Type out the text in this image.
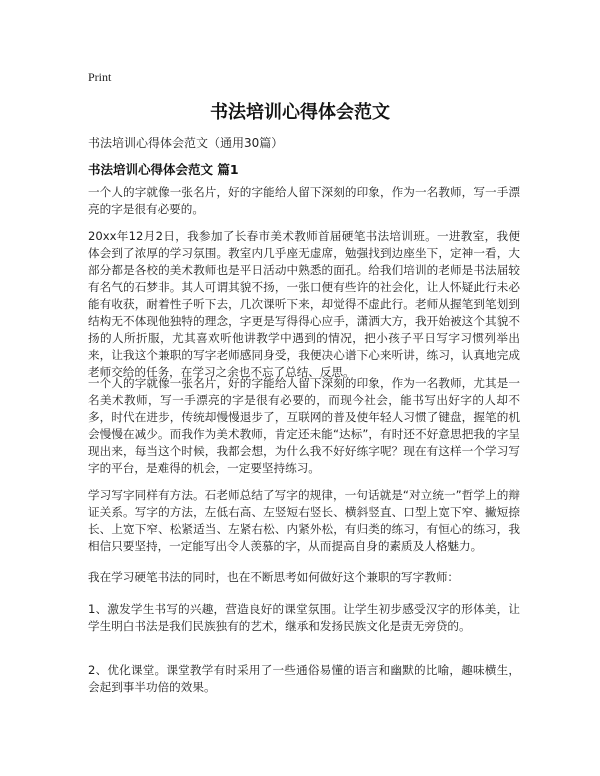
Print
书法培训心得体会范文

书法培训心得体会范文（通用30篇）

书法培训心得体会范文 篇1

一个人的字就像一张名片，好的字能给人留下深刻的印象，作为一名教师，写一手漂亮的字是很有必要的。

20xx年12月2日，我参加了长春市美术教师首届硬笔书法培训班。一进教室，我便体会到了浓厚的学习氛围。教室内几乎座无虚席，勉强找到边座坐下，定神一看，大部分都是各校的美术教师也是平日活动中熟悉的面孔。给我们培训的老师是书法届较有名气的石梦非。其人可谓其貌不扬，一张口便有些许的社会化，让人怀疑此行未必能有收获，耐着性子听下去，几次课听下来，却觉得不虚此行。老师从握笔到笔划到结构无不体现他独特的理念，字更是写得得心应手，潇洒大方，我开始被这个其貌不扬的人所折服，尤其喜欢听他讲教学中遇到的情况，把小孩子平日写字习惯列举出来，让我这个兼职的写字老师感同身受，我便决心谱下心来听讲，练习，认真地完成老师交给的任务，在学习之余也不忘了总结、反思。

一个人的字就像一张名片，好的字能给人留下深刻的印象，作为一名教师，尤其是一名美术教师，写一手漂亮的字是很有必要的，而现今社会，能书写出好字的人却不多，时代在进步，传统却慢慢退步了，互联网的普及使年轻人习惯了键盘，握笔的机会慢慢在减少。而我作为美术教师，肯定还未能“达标”，有时还不好意思把我的字呈现出来，每当这个时候，我都会想，为什么我不好好练字呢？现在有这样一个学习写字的平台，是难得的机会，一定要坚持练习。

学习写字同样有方法。石老师总结了写字的规律，一句话就是“对立统一”哲学上的辩证关系。写字的方法，左低右高、左竖短右竖长、横斜竖直、口型上宽下窄、撇短捺长、上宽下窄、松紧适当、左紧右松、内紧外松，有归类的练习，有恒心的练习，我相信只要坚持，一定能写出令人羡慕的字，从而提高自身的素质及人格魅力。

我在学习硬笔书法的同时，也在不断思考如何做好这个兼职的写字教师：

1、激发学生书写的兴趣，营造良好的课堂氛围。让学生初步感受汉字的形体美，让学生明白书法是我们民族独有的艺术，继承和发扬民族文化是责无旁贷的。

2、优化课堂。课堂教学有时采用了一些通俗易懂的语言和幽默的比喻，趣味横生，会起到事半功倍的效果。
